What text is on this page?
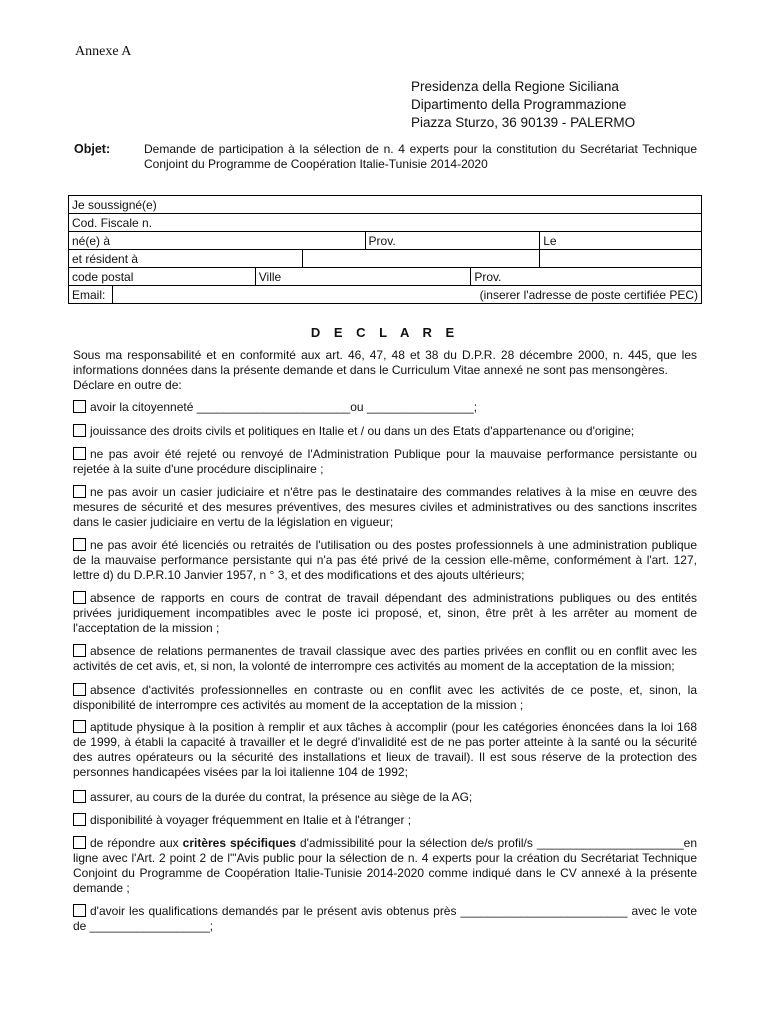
Annexe A
Presidenza della Regione Siciliana
Dipartimento della Programmazione
Piazza Sturzo, 36 90139 - PALERMO
Objet:	Demande de participation à la sélection de n. 4 experts pour la constitution du Secrétariat Technique Conjoint du Programme de Coopération Italie-Tunisie 2014-2020
Je soussigné(e)						
Cod. Fiscale n.						
né(e) à				Prov.		Le
et résident à						
code postal		Ville			Prov.	
Email:	(inserer l'adresse de poste certifiée PEC)					
D E C L A R E
Sous ma responsabilité et en conformité aux art. 46, 47, 48 et 38 du D.P.R. 28 décembre 2000, n. 445, que les informations données dans la présente demande et dans le Curriculum Vitae annexé ne sont pas mensongères.
Déclare en outre de:
avoir la citoyenneté _______________________ou ________________;
jouissance des droits civils et politiques en Italie et / ou dans un des Etats d'appartenance ou d'origine;
ne pas avoir été rejeté ou renvoyé de l'Administration Publique pour la mauvaise performance persistante ou rejetée à la suite d'une procédure disciplinaire ;
ne pas avoir un casier judiciaire et n'être pas le destinataire des commandes relatives à la mise en œuvre des mesures de sécurité et des mesures préventives, des mesures civiles et administratives ou des sanctions inscrites dans le casier judiciaire en vertu de la législation en vigueur;
ne pas avoir été licenciés ou retraités de l'utilisation ou des postes professionnels à une administration publique de la mauvaise performance persistante qui n'a pas été privé de la cession elle-même, conformément à l'art. 127, lettre d) du D.P.R.10 Janvier 1957, n ° 3, et des modifications et des ajouts ultérieurs;
absence de rapports en cours de contrat de travail dépendant des administrations publiques ou des entités privées juridiquement incompatibles avec le poste ici proposé, et, sinon, être prêt à les arrêter au moment de l'acceptation de la mission ;
absence de relations permanentes de travail classique avec des parties privées en conflit ou en conflit avec les activités de cet avis, et, si non, la volonté de interrompre ces activités au moment de la acceptation de la mission;
absence d'activités professionnelles en contraste ou en conflit avec les activités de ce poste, et, sinon, la disponibilité de interrompre ces activités au moment de la acceptation de la mission ;
aptitude physique à la position à remplir et aux tâches à accomplir (pour les catégories énoncées dans la loi 168 de 1999, à établi la capacité à travailler et le degré d'invalidité est de ne pas porter atteinte à la santé ou la sécurité des autres opérateurs ou la sécurité des installations et lieux de travail). Il est sous réserve de la protection des personnes handicapées visées par la loi italienne 104 de 1992;
assurer, au cours de la durée du contrat, la présence au siège de la AG;
disponibilité à voyager fréquemment en Italie et à l'étranger ;
de répondre aux critères spécifiques d'admissibilité pour la sélection de/s profil/s ______________________en ligne avec l'Art. 2 point 2 de l'"Avis public pour la sélection de n. 4 experts pour la création du Secrétariat Technique Conjoint du Programme de Coopération Italie-Tunisie 2014-2020 comme indiqué dans le CV annexé à la présente demande ;
d'avoir les qualifications demandés par le présent avis obtenus près _________________________ avec le vote de __________________;
